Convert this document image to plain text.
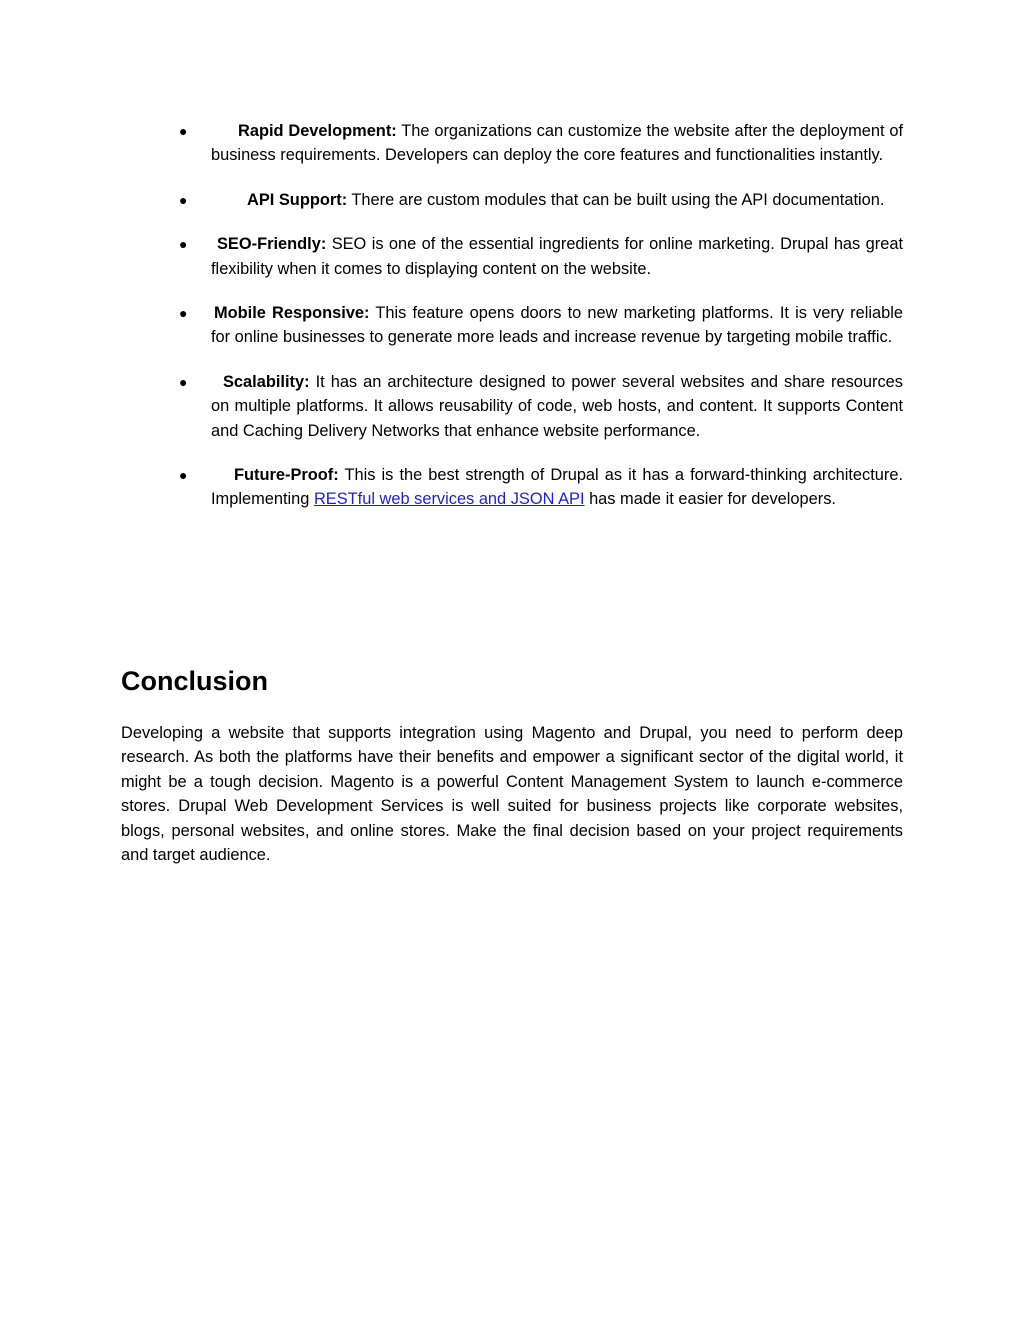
●	Rapid Development: The organizations can customize the website after the deployment of business requirements. Developers can deploy the core features and functionalities instantly.
●	API Support: There are custom modules that can be built using the API documentation.
● SEO-Friendly: SEO is one of the essential ingredients for online marketing. Drupal has great flexibility when it comes to displaying content on the website.
● Mobile Responsive: This feature opens doors to new marketing platforms. It is very reliable for online businesses to generate more leads and increase revenue by targeting mobile traffic.
● Scalability: It has an architecture designed to power several websites and share resources on multiple platforms. It allows reusability of code, web hosts, and content. It supports Content and Caching Delivery Networks that enhance website performance.
●	Future-Proof: This is the best strength of Drupal as it has a forward-thinking architecture. Implementing RESTful web services and JSON API has made it easier for developers.
Conclusion

Developing a website that supports integration using Magento and Drupal, you need to perform deep research. As both the platforms have their benefits and empower a significant sector of the digital world, it might be a tough decision. Magento is a powerful Content Management System to launch e-commerce stores. Drupal Web Development Services is well suited for business projects like corporate websites, blogs, personal websites, and online stores. Make the final decision based on your project requirements and target audience.
